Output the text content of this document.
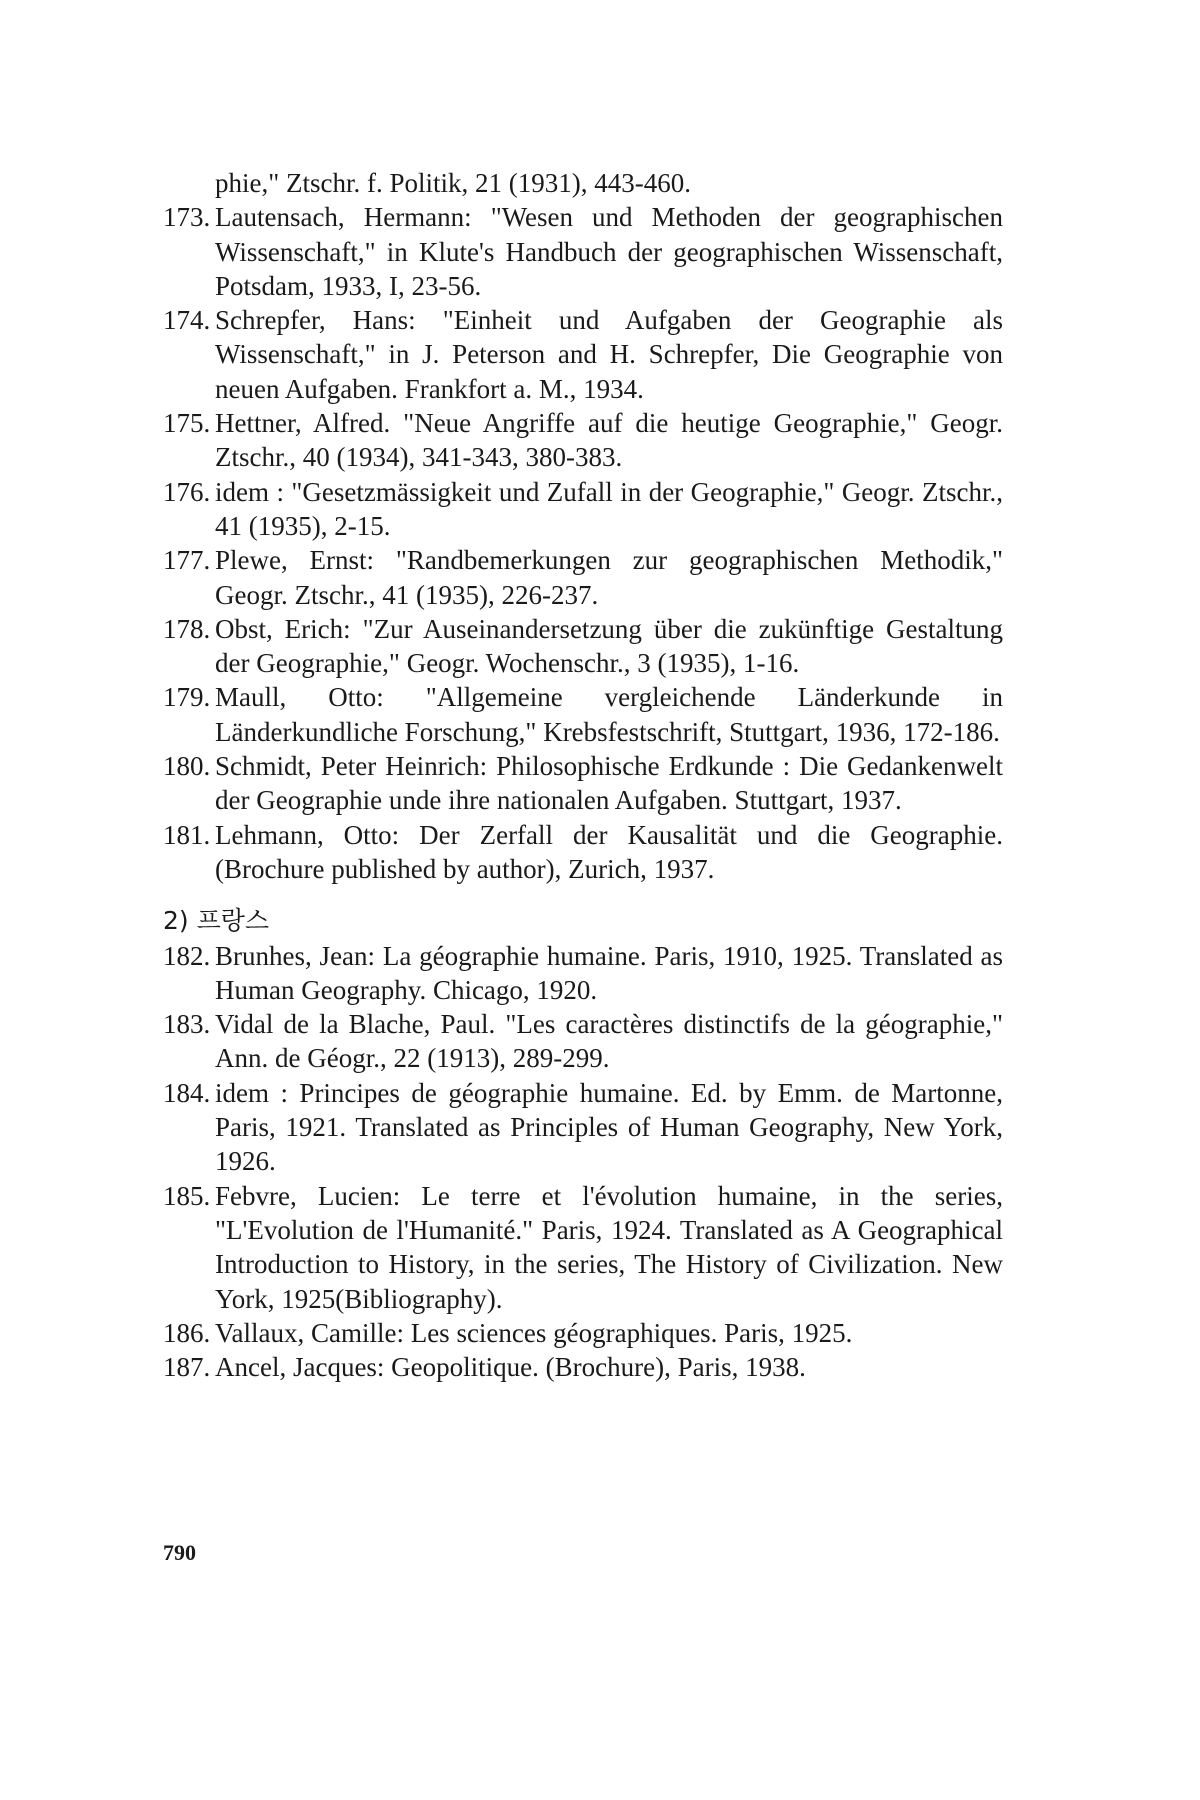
phie," Ztschr. f. Politik, 21 (1931), 443-460.
173. Lautensach, Hermann: "Wesen und Methoden der geographischen Wissenschaft," in Klute's Handbuch der geographischen Wissenschaft, Potsdam, 1933, I, 23-56.
174. Schrepfer, Hans: "Einheit und Aufgaben der Geographie als Wissenschaft," in J. Peterson and H. Schrepfer, Die Geographie von neuen Aufgaben. Frankfort a. M., 1934.
175. Hettner, Alfred. "Neue Angriffe auf die heutige Geographie," Geogr. Ztschr., 40 (1934), 341-343, 380-383.
176. idem : "Gesetzmässigkeit und Zufall in der Geographie," Geogr. Ztschr., 41 (1935), 2-15.
177. Plewe, Ernst: "Randbemerkungen zur geographischen Methodik," Geogr. Ztschr., 41 (1935), 226-237.
178. Obst, Erich: "Zur Auseinandersetzung über die zukünftige Gestaltung der Geographie," Geogr. Wochenschr., 3 (1935), 1-16.
179. Maull, Otto: "Allgemeine vergleichende Länderkunde in Länderkundliche Forschung," Krebsfestschrift, Stuttgart, 1936, 172-186.
180. Schmidt, Peter Heinrich: Philosophische Erdkunde : Die Gedankenwelt der Geographie unde ihre nationalen Aufgaben. Stuttgart, 1937.
181. Lehmann, Otto: Der Zerfall der Kausalität und die Geographie. (Brochure published by author), Zurich, 1937.
2) 프랑스
182. Brunhes, Jean: La géographie humaine. Paris, 1910, 1925. Translated as Human Geography. Chicago, 1920.
183. Vidal de la Blache, Paul. "Les caractères distinctifs de la géographie," Ann. de Géogr., 22 (1913), 289-299.
184. idem : Principes de géographie humaine. Ed. by Emm. de Martonne, Paris, 1921. Translated as Principles of Human Geography, New York, 1926.
185. Febvre, Lucien: Le terre et l'évolution humaine, in the series, "L'Evolution de l'Humanité." Paris, 1924. Translated as A Geographical Introduction to History, in the series, The History of Civilization. New York, 1925(Bibliography).
186. Vallaux, Camille: Les sciences géographiques. Paris, 1925.
187. Ancel, Jacques: Geopolitique. (Brochure), Paris, 1938.
790
